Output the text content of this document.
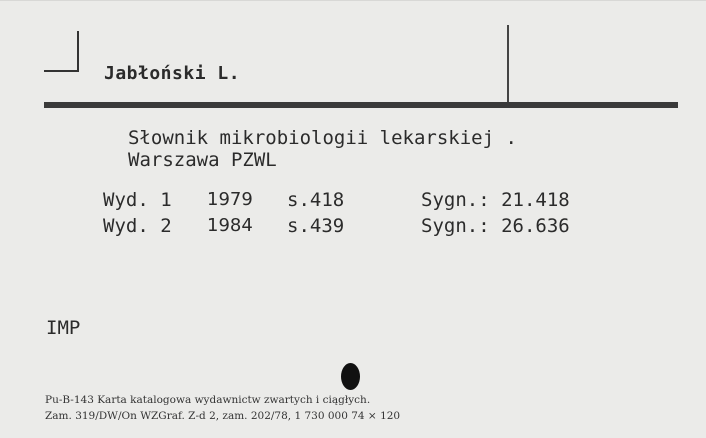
Jabłoński L.
Słownik mikrobiologii lekarskiej .
Warszawa PZWL
Wyd. 1 1979 s.418	Sygn.: 21.418
Wyd. 2 1984 s.439	Sygn.: 26.636
IMP
Pu-B-143 Karta katalogowa wydawnictw zwartych i ciągłych.
Zam. 319/DW/On WZGraf. Z-d 2, zam. 202/78, 1 730 000 74 × 120
